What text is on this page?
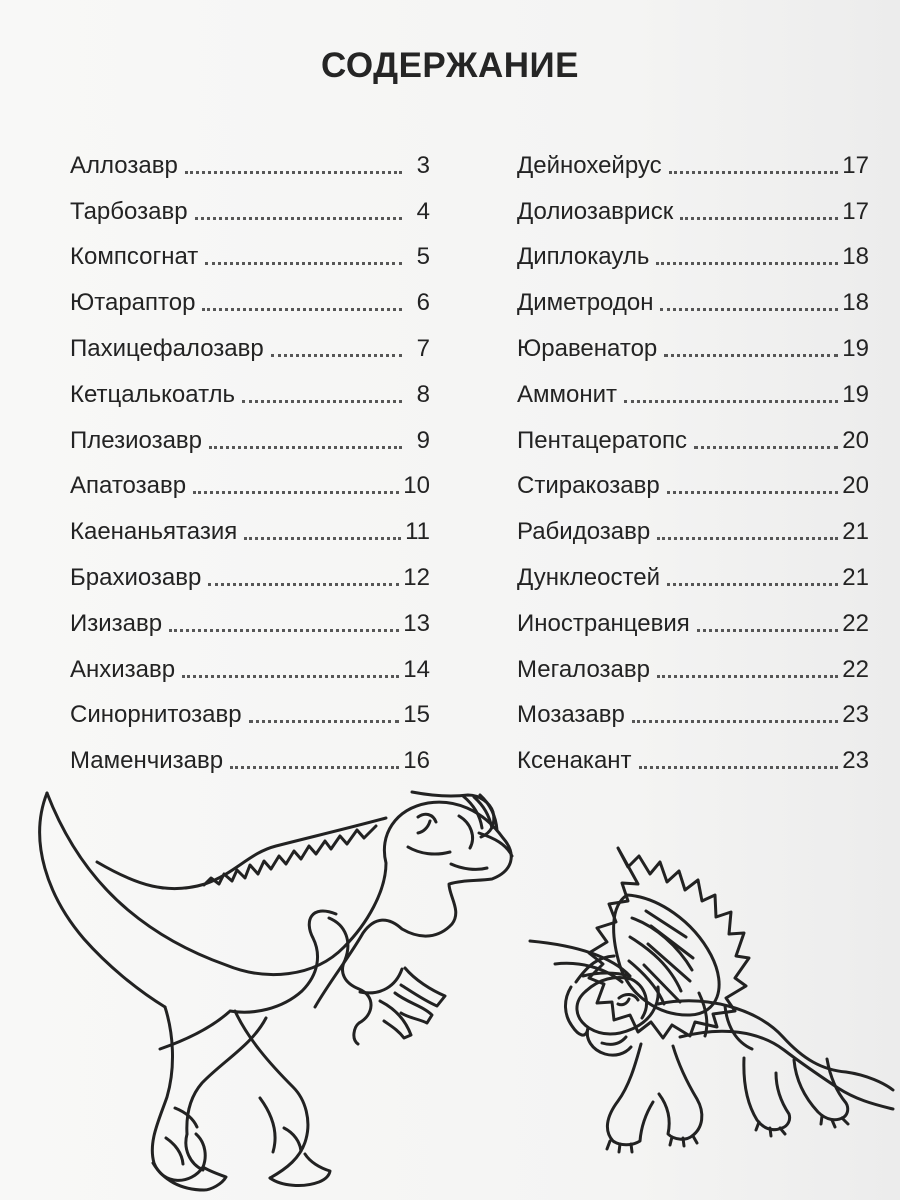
СОДЕРЖАНИЕ
Аллозавр	3
Тарбозавр	4
Компсогнат	5
Ютараптор	6
Пахицефалозавр	7
Кетцалькоатль	8
Плезиозавр	9
Апатозавр	10
Каенаньятазия	11
Брахиозавр	12
Изизавр	13
Анхизавр	14
Синорнитозавр	15
Маменчизавр	16
Дейнохейрус	17
Долиозавриск	17
Диплокауль	18
Диметродон	18
Юравенатор	19
Аммонит	19
Пентацератопс	20
Стиракозавр	20
Рабидозавр	21
Дунклеостей	21
Иностранцевия	22
Мегалозавр	22
Мозазавр	23
Ксенакант	23
